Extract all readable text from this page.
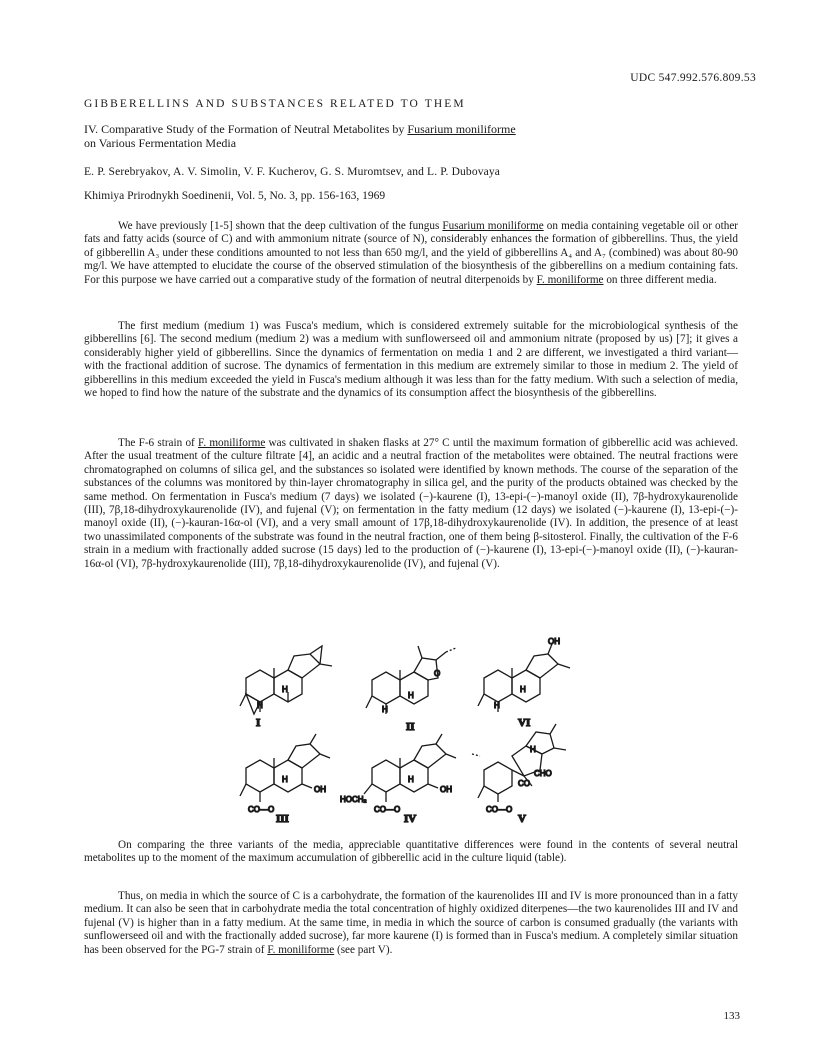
UDC 547.992.576.809.53
GIBBERELLINS AND SUBSTANCES RELATED TO THEM
IV. Comparative Study of the Formation of Neutral Metabolites by Fusarium moniliforme
on Various Fermentation Media
E. P. Serebryakov, A. V. Simolin, V. F. Kucherov, G. S. Muromtsev, and L. P. Dubovaya
Khimiya Prirodnykh Soedinenii, Vol. 5, No. 3, pp. 156-163, 1969
We have previously [1-5] shown that the deep cultivation of the fungus Fusarium moniliforme on media containing vegetable oil or other fats and fatty acids (source of C) and with ammonium nitrate (source of N), considerably enhances the formation of gibberellins. Thus, the yield of gibberellin A₃ under these conditions amounted to not less than 650 mg/l, and the yield of gibberellins A₄ and A₇ (combined) was about 80-90 mg/l. We have attempted to elucidate the course of the observed stimulation of the biosynthesis of the gibberellins on a medium containing fats. For this purpose we have carried out a comparative study of the formation of neutral diterpenoids by F. moniliforme on three different media.
The first medium (medium 1) was Fusca's medium, which is considered extremely suitable for the microbiological synthesis of the gibberellins [6]. The second medium (medium 2) was a medium with sunflowerseed oil and ammonium nitrate (proposed by us) [7]; it gives a considerably higher yield of gibberellins. Since the dynamics of fermentation on media 1 and 2 are different, we investigated a third variant—with the fractional addition of sucrose. The dynamics of fermentation in this medium are extremely similar to those in medium 2. The yield of gibberellins in this medium exceeded the yield in Fusca's medium although it was less than for the fatty medium. With such a selection of media, we hoped to find how the nature of the substrate and the dynamics of its consumption affect the biosynthesis of the gibberellins.
The F-6 strain of F. moniliforme was cultivated in shaken flasks at 27° C until the maximum formation of gibberellic acid was achieved. After the usual treatment of the culture filtrate [4], an acidic and a neutral fraction of the metabolites were obtained. The neutral fractions were chromatographed on columns of silica gel, and the substances so isolated were identified by known methods. The course of the separation of the substances of the columns was monitored by thin-layer chromatography in silica gel, and the purity of the products obtained was checked by the same method. On fermentation in Fusca's medium (7 days) we isolated (−)-kaurene (I), 13-epi-(−)-manoyl oxide (II), 7β-hydroxykaurenolide (III), 7β,18-dihydroxykaurenolide (IV), and fujenal (V); on fermentation in the fatty medium (12 days) we isolated (−)-kaurene (I), 13-epi-(−)-manoyl oxide (II), (−)-kauran-16α-ol (VI), and a very small amount of 17β,18-dihydroxykaurenolide (IV). In addition, the presence of at least two unassimilated components of the substrate was found in the neutral fraction, one of them being β-sitosterol. Finally, the cultivation of the F-6 strain in a medium with fractionally added sucrose (15 days) led to the production of (−)-kaurene (I), 13-epi-(−)-manoyl oxide (II), (−)-kauran-16α-ol (VI), 7β-hydroxykaurenolide (III), 7β,18-dihydroxykaurenolide (IV), and fujenal (V).
H
H
I
O
H
H
II
OH
H
H
VI
OH
H
CO—O
III
OH
H
HOCH₂
CO—O
IV
H
CHO
CO
CO—O
V
On comparing the three variants of the media, appreciable quantitative differences were found in the contents of several neutral metabolites up to the moment of the maximum accumulation of gibberellic acid in the culture liquid (table).
Thus, on media in which the source of C is a carbohydrate, the formation of the kaurenolides III and IV is more pronounced than in a fatty medium. It can also be seen that in carbohydrate media the total concentration of highly oxidized diterpenes—the two kaurenolides III and IV and fujenal (V) is higher than in a fatty medium. At the same time, in media in which the source of carbon is consumed gradually (the variants with sunflowerseed oil and with the fractionally added sucrose), far more kaurene (I) is formed than in Fusca's medium. A completely similar situation has been observed for the PG-7 strain of F. moniliforme (see part V).
133
